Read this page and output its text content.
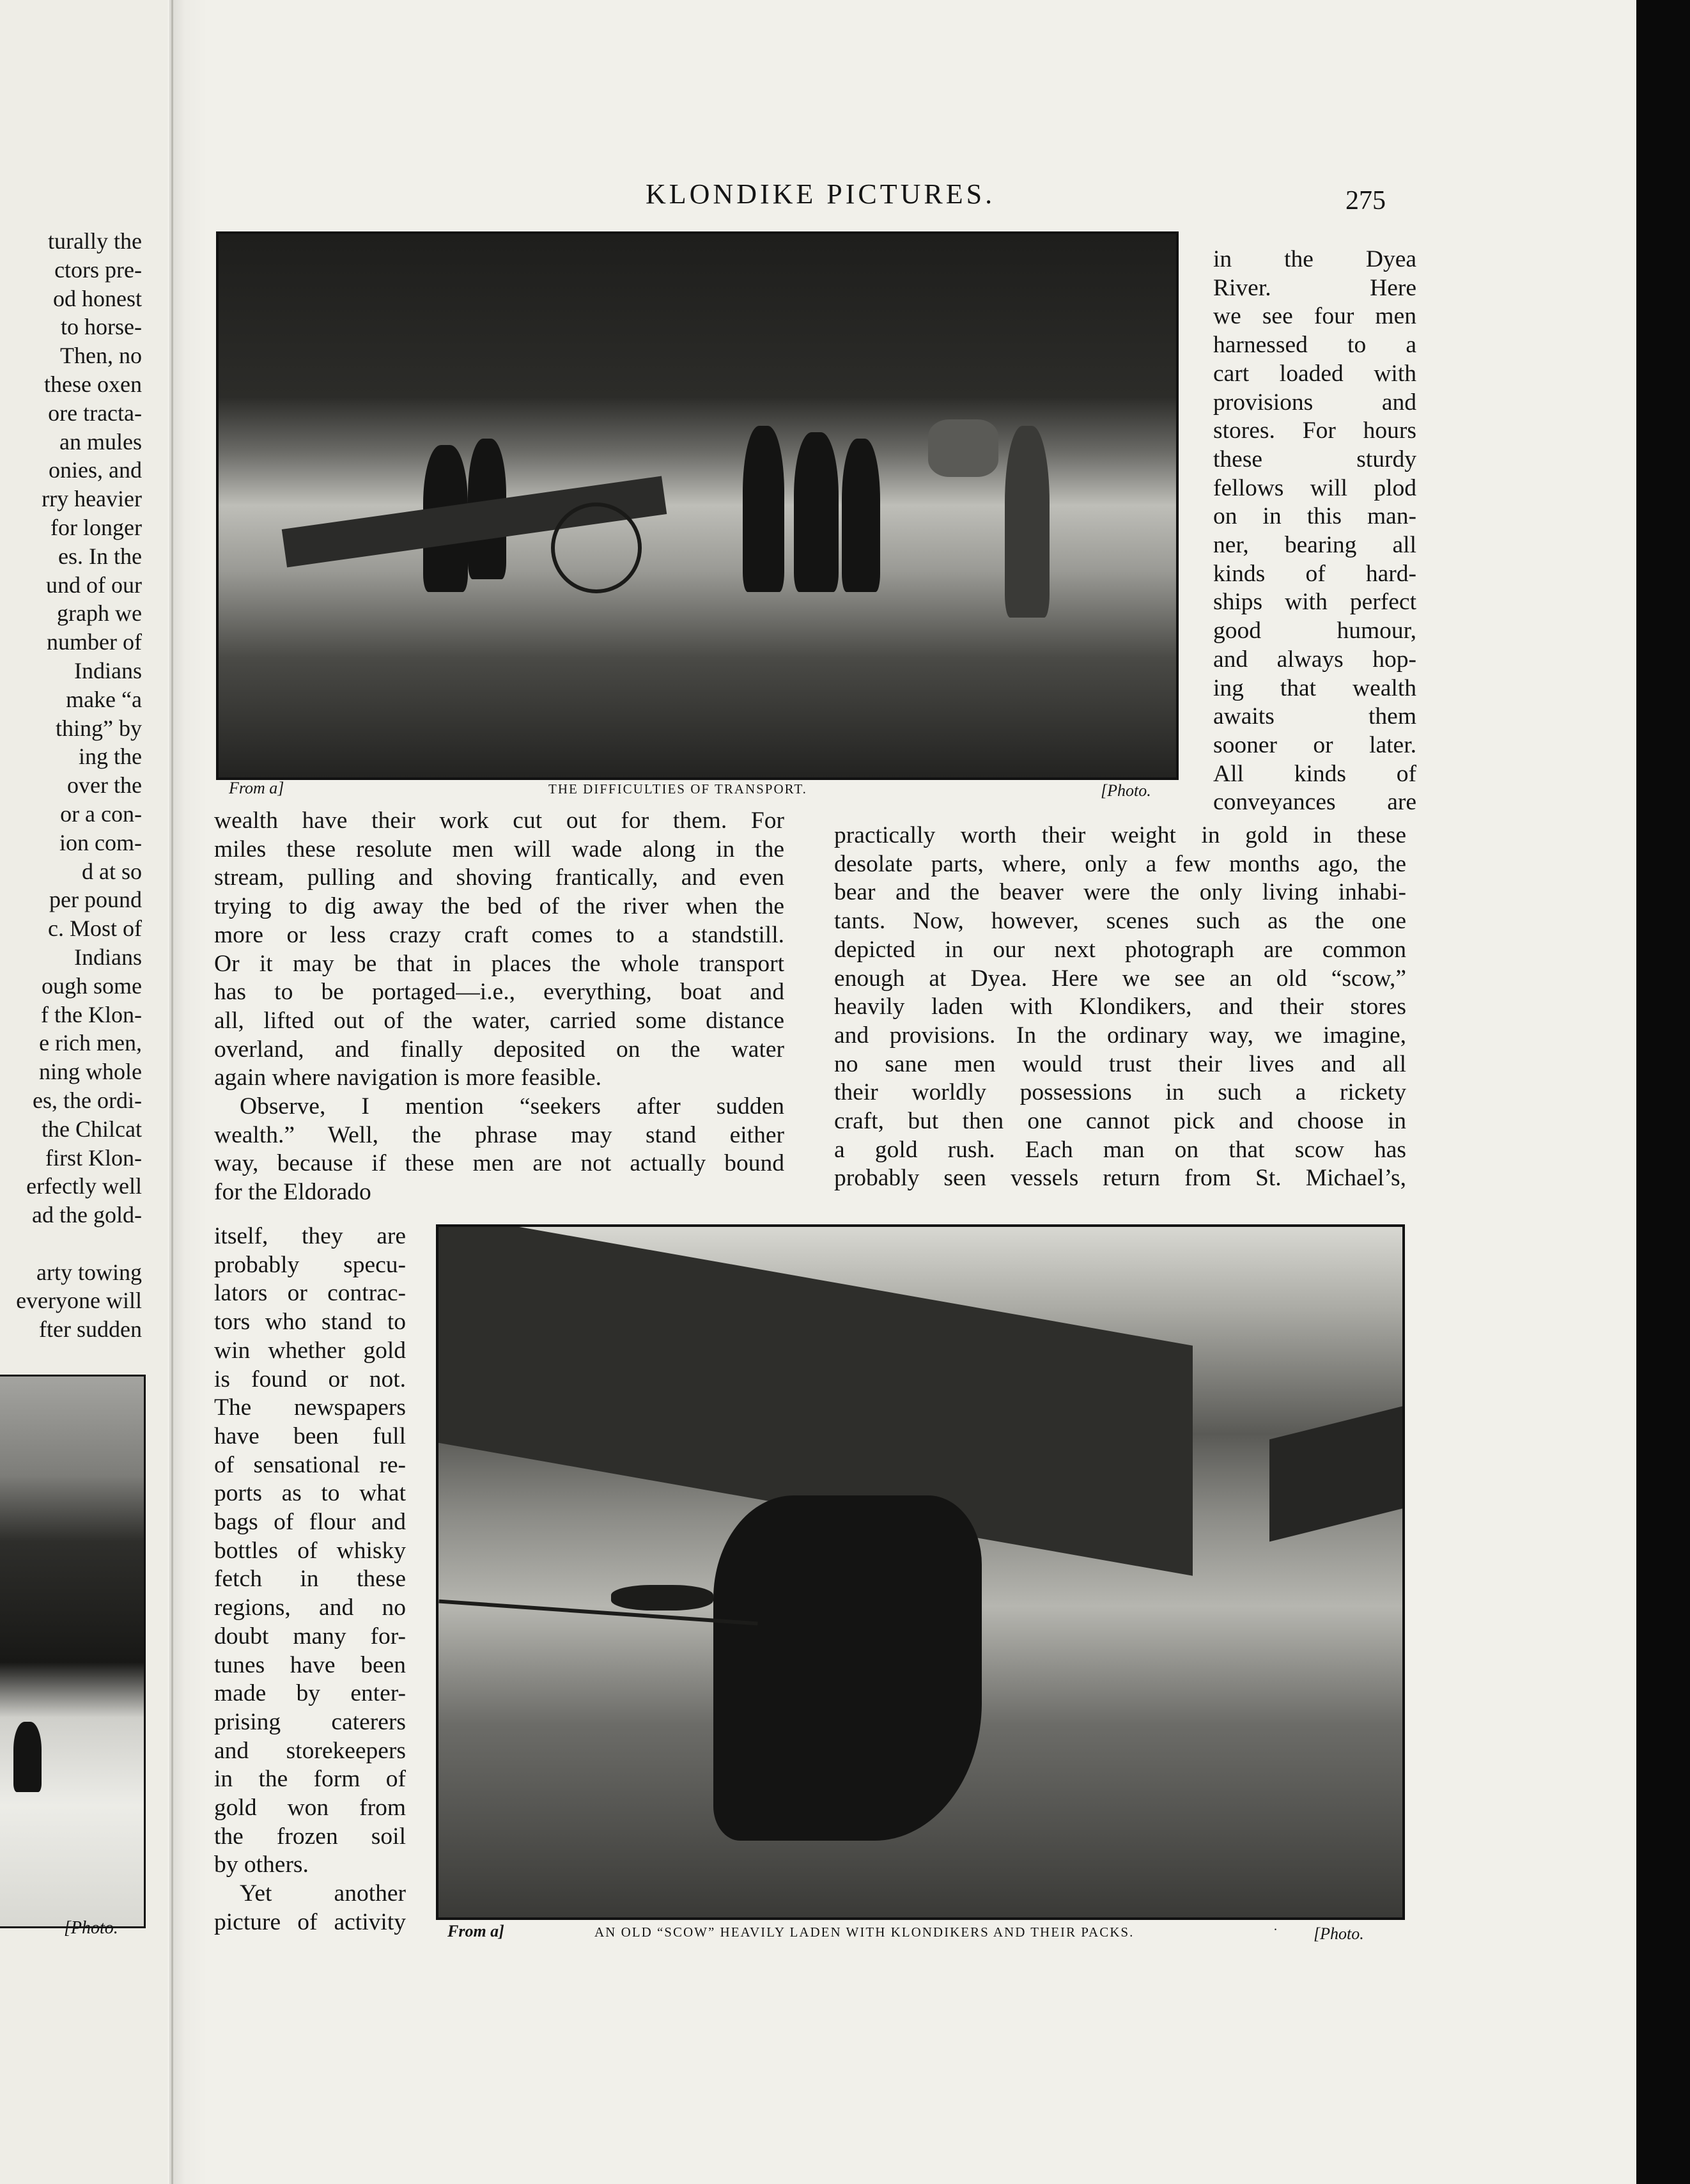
turally the
ctors pre-
od honest
to horse-
Then, no
these oxen
ore tracta-
an mules
onies, and
rry heavier
for longer
es. In the
und of our
graph we
number of
Indians
make “a
thing” by
ing the
over the
or a con-
ion com-
d at so
per pound
c. Most of
Indians
ough some
f the Klon-
e rich men,
ning whole
es, the ordi-
the Chilcat
first Klon-
erfectly well
ad the gold-

arty towing
everyone will
fter sudden
[Photo.
KLONDIKE PICTURES.	275
From a]	THE DIFFICULTIES OF TRANSPORT.	[Photo.
in the Dyea
River. Here
we see four men
harnessed to a
cart loaded with
provisions and
stores. For hours
these sturdy
fellows will plod
on in this man-
ner, bearing all
kinds of hard-
ships with perfect
good humour,
and always hop-
ing that wealth
awaits them
sooner or later.
All kinds of
conveyances are
wealth have their work cut out for them. For
miles these resolute men will wade along in the
stream, pulling and shoving frantically, and even
trying to dig away the bed of the river when the
more or less crazy craft comes to a standstill.
Or it may be that in places the whole transport
has to be portaged—i.e., everything, boat and
all, lifted out of the water, carried some distance
overland, and finally deposited on the water
again where navigation is more feasible.
Observe, I mention “seekers after sudden
wealth.” Well, the phrase may stand either
way, because if these men are not actually bound
for the Eldorado
itself, they are
probably specu-
lators or contrac-
tors who stand to
win whether gold
is found or not.
The newspapers
have been full
of sensational re-
ports as to what
bags of flour and
bottles of whisky
fetch in these
regions, and no
doubt many for-
tunes have been
made by enter-
prising caterers
and storekeepers
in the form of
gold won from
the frozen soil
by others.
Yet another
picture of activity
practically worth their weight in gold in these
desolate parts, where, only a few months ago, the
bear and the beaver were the only living inhabi-
tants. Now, however, scenes such as the one
depicted in our next photograph are common
enough at Dyea. Here we see an old “scow,”
heavily laden with Klondikers, and their stores
and provisions. In the ordinary way, we imagine,
no sane men would trust their lives and all
their worldly possessions in such a rickety
craft, but then one cannot pick and choose in
a gold rush. Each man on that scow has
probably seen vessels return from St. Michael’s,
From a]	AN OLD “SCOW” HEAVILY LADEN WITH KLONDIKERS AND THEIR PACKS.	· [Photo.
